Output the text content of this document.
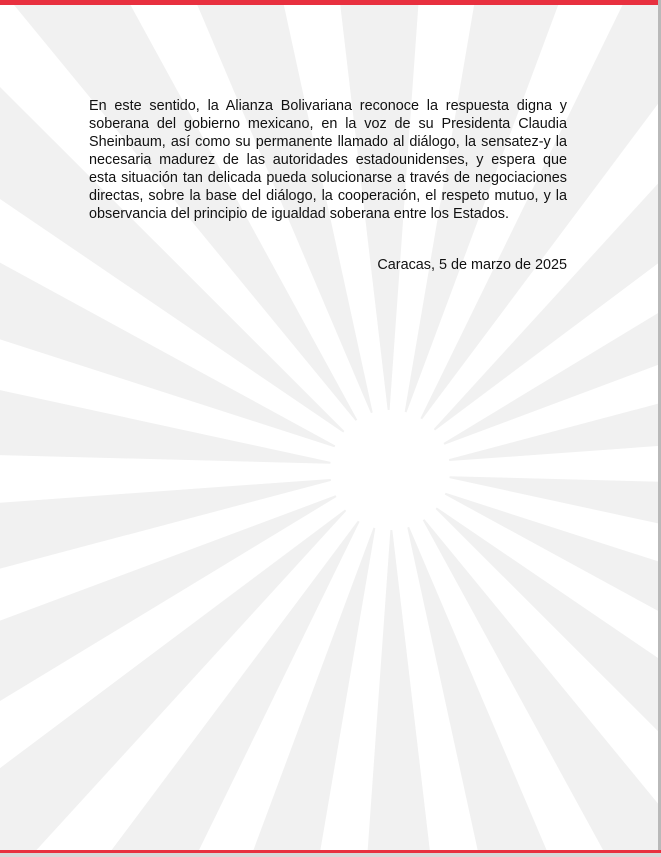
En este sentido, la Alianza Bolivariana reconoce la respuesta digna y soberana del gobierno mexicano, en la voz de su Presidenta Claudia Sheinbaum, así como su permanente llamado al diálogo, la sensatez-y la necesaria madurez de las autoridades estadounidenses, y espera que esta situación tan delicada pueda solucionarse a través de negociaciones directas, sobre la base del diálogo, la cooperación, el respeto mutuo, y la observancia del principio de igualdad soberana entre los Estados.

Caracas, 5 de marzo de 2025
